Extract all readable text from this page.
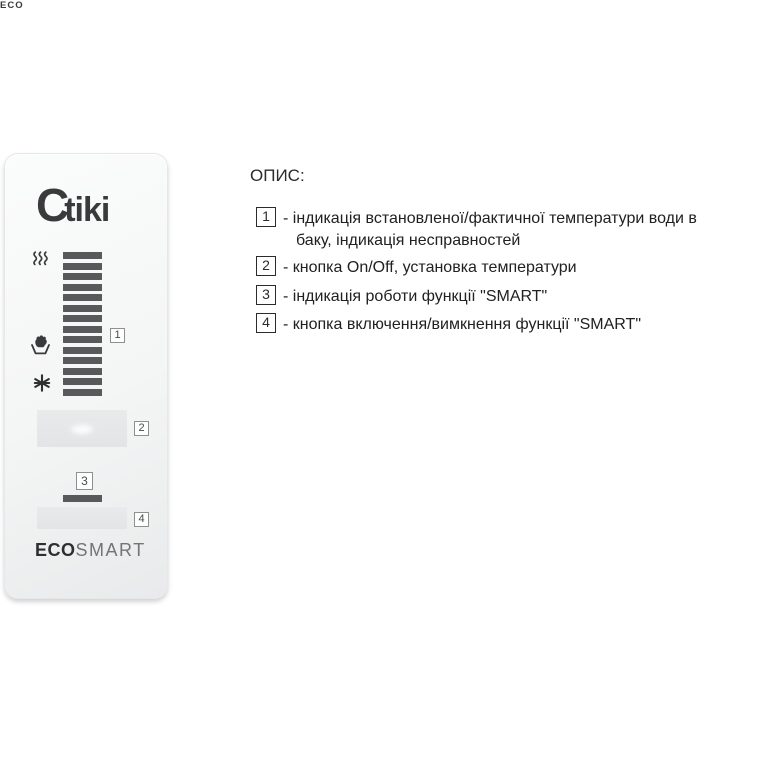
Ctiki
ECO
1
2
3
4
ECOSMART
ОПИС:
1 - індикація встановленої/фактичної температури води в
баку, індикація несправностей
2 - кнопка On/Off, установка температури
3 - індикація роботи функції "SMART"
4 - кнопка включення/вимкнення функції "SMART"
